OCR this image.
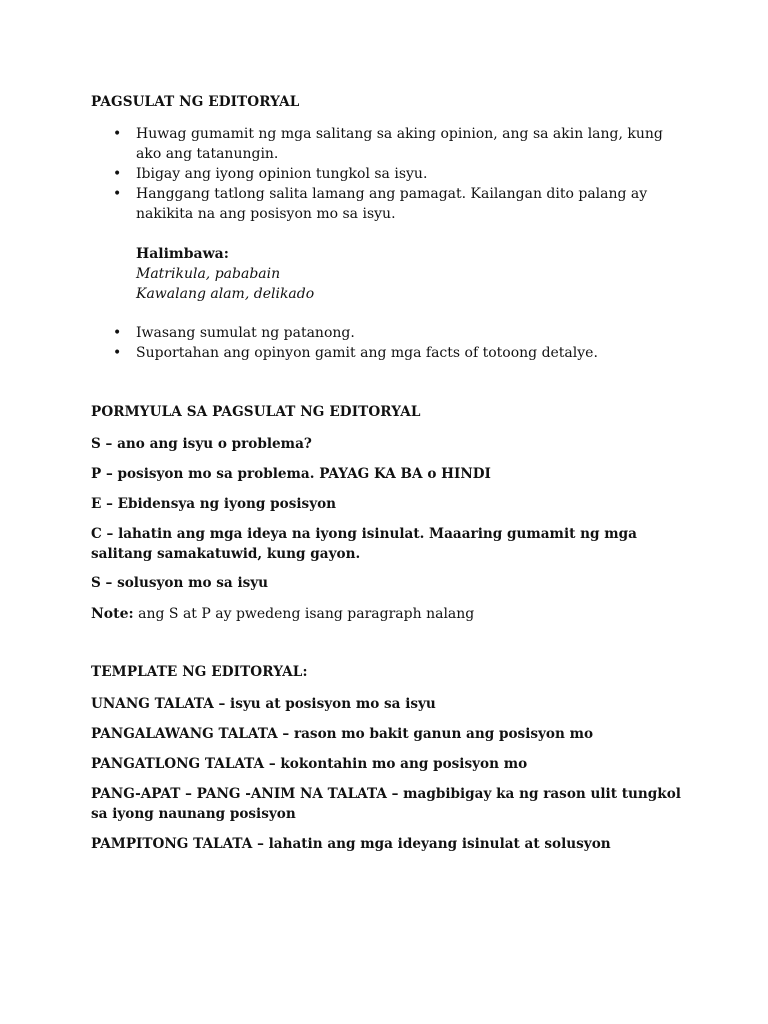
PAGSULAT NG EDITORYAL
• Huwag gumamit ng mga salitang sa aking opinion, ang sa akin lang, kung ako ang tatanungin.
• Ibigay ang iyong opinion tungkol sa isyu.
• Hanggang tatlong salita lamang ang pamagat. Kailangan dito palang ay nakikita na ang posisyon mo sa isyu.
Halimbawa:
Matrikula, pababain
Kawalang alam, delikado
• Iwasang sumulat ng patanong.
• Suportahan ang opinyon gamit ang mga facts of totoong detalye.
PORMYULA SA PAGSULAT NG EDITORYAL
S – ano ang isyu o problema?
P – posisyon mo sa problema. PAYAG KA BA o HINDI
E – Ebidensya ng iyong posisyon
C – lahatin ang mga ideya na iyong isinulat. Maaaring gumamit ng mga salitang samakatuwid, kung gayon.
S – solusyon mo sa isyu
Note: ang S at P ay pwedeng isang paragraph nalang
TEMPLATE NG EDITORYAL:
UNANG TALATA – isyu at posisyon mo sa isyu
PANGALAWANG TALATA – rason mo bakit ganun ang posisyon mo
PANGATLONG TALATA – kokontahin mo ang posisyon mo
PANG-APAT – PANG -ANIM NA TALATA – magbibigay ka ng rason ulit tungkol sa iyong naunang posisyon
PAMPITONG TALATA – lahatin ang mga ideyang isinulat at solusyon
